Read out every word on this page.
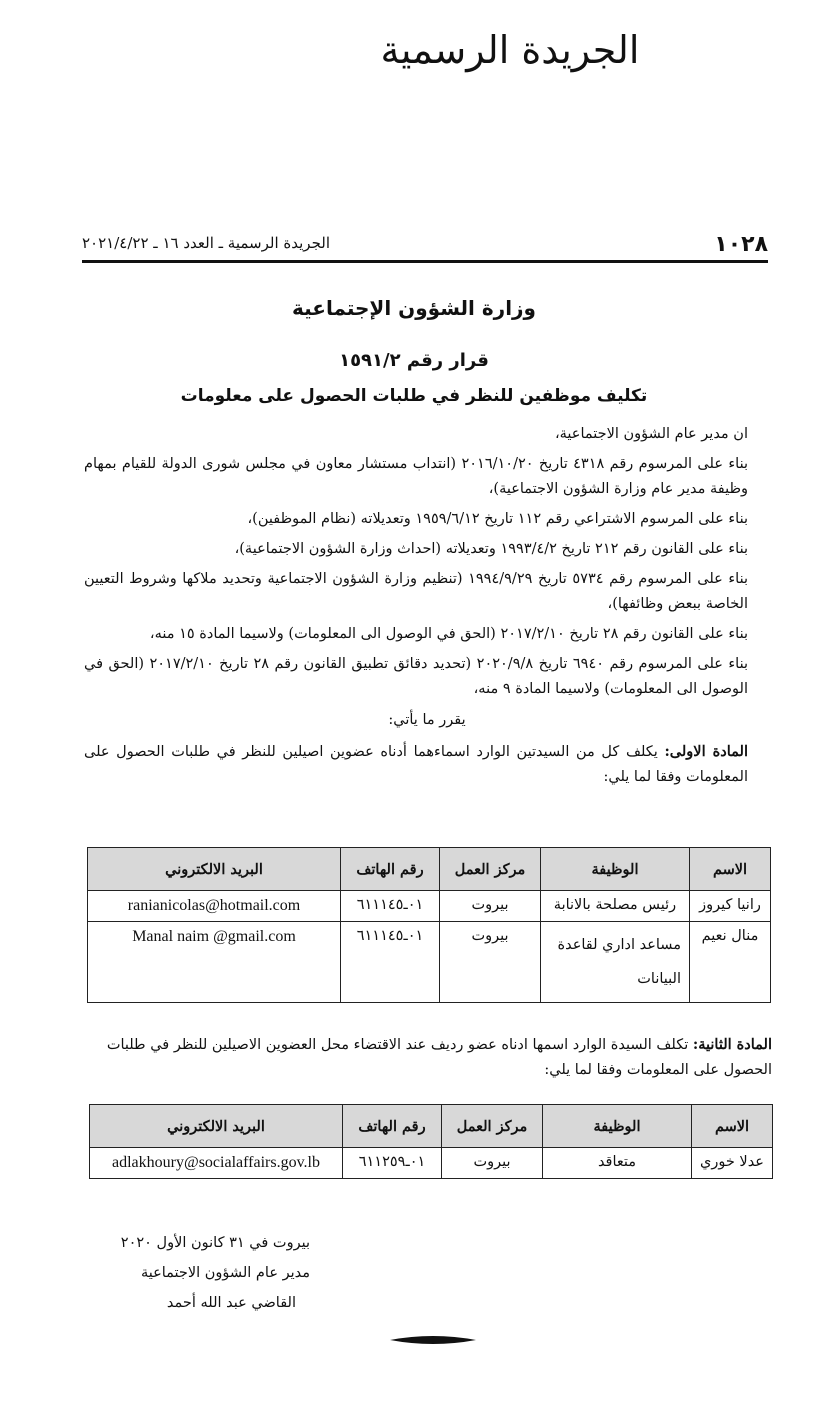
الجريدة الرسمية
١٠٢٨
الجريدة الرسمية ـ العدد ١٦ ـ ٢٠٢١/٤/٢٢
وزارة الشؤون الإجتماعية
قرار رقم ١٥٩١/٢
تكليف موظفين للنظر في طلبات الحصول على معلومات

ان مدير عام الشؤون الاجتماعية،

بناء على المرسوم رقم ٤٣١٨ تاريخ ٢٠١٦/١٠/٢٠ (انتداب مستشار معاون في مجلس شورى الدولة للقيام بمهام وظيفة مدير عام وزارة الشؤون الاجتماعية)،

بناء على المرسوم الاشتراعي رقم ١١٢ تاريخ ١٩٥٩/٦/١٢ وتعديلاته (نظام الموظفين)،

بناء على القانون رقم ٢١٢ تاريخ ١٩٩٣/٤/٢ وتعديلاته (احداث وزارة الشؤون الاجتماعية)،

بناء على المرسوم رقم ٥٧٣٤ تاريخ ١٩٩٤/٩/٢٩ (تنظيم وزارة الشؤون الاجتماعية وتحديد ملاكها وشروط التعيين الخاصة ببعض وظائفها)،

بناء على القانون رقم ٢٨ تاريخ ٢٠١٧/٢/١٠ (الحق في الوصول الى المعلومات) ولاسيما المادة ١٥ منه،

بناء على المرسوم رقم ٦٩٤٠ تاريخ ٢٠٢٠/٩/٨ (تحديد دقائق تطبيق القانون رقم ٢٨ تاريخ ٢٠١٧/٢/١٠ (الحق في الوصول الى المعلومات) ولاسيما المادة ٩ منه،

يقرر ما يأتي:

المادة الاولى: يكلف كل من السيدتين الوارد اسماءهما أدناه عضوين اصيلين للنظر في طلبات الحصول على المعلومات وفقا لما يلي:

الاسم	الوظيفة	مركز العمل	رقم الهاتف	البريد الالكتروني
رانيا كيروز	رئيس مصلحة بالانابة	بيروت	٠١ـ٦١١١٤٥	ranianicolas@hotmail.com
منال نعيم	مساعد اداري لقاعدة البيانات	بيروت	٠١ـ٦١١١٤٥	Manal naim @gmail.com
المادة الثانية: تكلف السيدة الوارد اسمها ادناه عضو رديف عند الاقتضاء محل العضوين الاصيلين للنظر في طلبات الحصول على المعلومات وفقا لما يلي:
الاسم	الوظيفة	مركز العمل	رقم الهاتف	البريد الالكتروني
عدلا خوري	متعاقد	بيروت	٠١ـ٦١١٢٥٩	adlakhoury@socialaffairs.gov.lb

بيروت في ٣١ كانون الأول ٢٠٢٠

مدير عام الشؤون الاجتماعية

القاضي عبد الله أحمد
